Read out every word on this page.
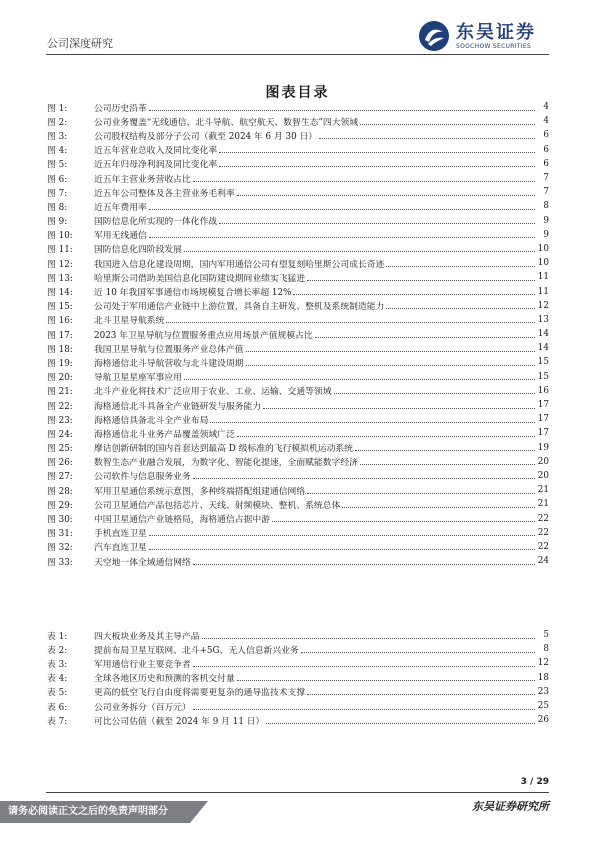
公司深度研究
东吴证券
SOOCHOW SECURITIES
图表目录
图 1:	公司历史沿革	4
图 2:	公司业务覆盖“无线通信、北斗导航、航空航天、数智生态”四大领域	4
图 3:	公司股权结构及部分子公司（截至 2024 年 6 月 30 日）	6
图 4:	近五年营业总收入及同比变化率	6
图 5:	近五年归母净利润及同比变化率	6
图 6:	近五年主营业务营收占比	7
图 7:	近五年公司整体及各主营业务毛利率	7
图 8:	近五年费用率	8
图 9:	国防信息化所实现的一体化作战	9
图 10:	军用无线通信	9
图 11:	国防信息化四阶段发展	10
图 12:	我国进入信息化建设周期，国内军用通信公司有望复刻哈里斯公司成长奇迹	10
图 13:	哈里斯公司借助美国信息化国防建设期间业绩实飞猛进	11
图 14:	近 10 年我国军事通信市场规模复合增长率超 12%	11
图 15:	公司处于军用通信产业链中上游位置，具备自主研发、整机及系统制造能力	12
图 16:	北斗卫星导航系统	13
图 17:	2023 年卫星导航与位置服务重点应用场景产值规模占比	14
图 18:	我国卫星导航与位置服务产业总体产值	14
图 19:	海格通信北斗导航营收与北斗建设周期	15
图 20:	导航卫星星座军事应用	15
图 21:	北斗产业化将技术广泛应用于农业、工业、运输、交通等领域	16
图 22:	海格通信北斗具备全产业链研发与服务能力	17
图 23:	海格通信具备北斗全产业布局	17
图 24:	海格通信北斗业务产品覆盖领域广泛	17
图 25:	摩诘创新研制的国内首套达到最高 D 级标准的飞行模拟机运动系统	19
图 26:	数智生态产业融合发展，为数字化、智能化提速，全面赋能数字经济	20
图 27:	公司软件与信息服务业务	20
图 28:	军用卫星通信系统示意图，多种终端搭配组建通信网络	21
图 29:	公司卫星通信产品包括芯片、天线、射频模块、整机、系统总体	21
图 30:	中国卫星通信产业链格局，海格通信占据中游	22
图 31:	手机直连卫星	22
图 32:	汽车直连卫星	22
图 33:	天空地一体全域通信网络	24
表 1:	四大板块业务及其主导产品	5
表 2:	提前布局卫星互联网、北斗+5G、无人信息新兴业务	8
表 3:	军用通信行业主要竞争者	12
表 4:	全球各地区历史和预测的客机交付量	18
表 5:	更高的低空飞行自由度将需要更复杂的通导监技术支撑	23
表 6:	公司业务拆分（百万元）	25
表 7:	可比公司估值（截至 2024 年 9 月 11 日）	26
3 / 29
请务必阅读正文之后的免责声明部分	东吴证券研究所
